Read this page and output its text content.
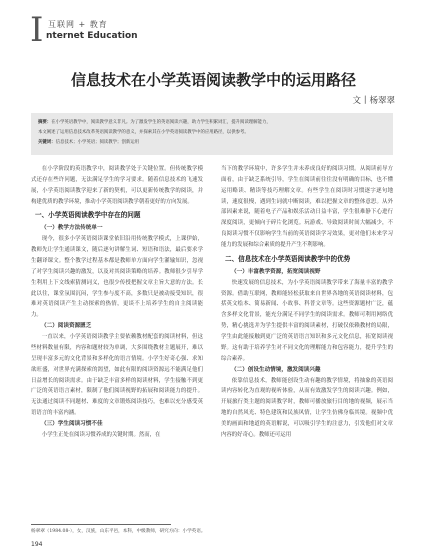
I 互联网 + 教育
nternet Education
信息技术在小学英语阅读教学中的运用路径
文丨杨翠翠

摘要：在小学英语教学中，阅读教学意义非凡。为了激发学生的英语阅读兴趣，助力学生积累词汇，提升阅读理解能力，

本文阐述了运用信息技术改革英语阅读教学的意义，并探索其在小学英语阅读教学中的应用路径，以供参考。

关键词：信息技术；小学英语；阅读教学；创新运用

在小学阶段的英语教学中，阅读教学处于关键位置。但传统教学模式还存在些许问题，无法满足学生的学习要求。随着信息技术的飞速发展，小学英语阅读教学迎来了新的契机，可以更新传统教学的阅读，并构建优质的教学环境，推动小学英语阅读教学朝着更好的方向发展。

一、小学英语阅读教学中存在的问题
（一）教学方法传统单一

现今，很多小学英语阅读课堂依旧沿用传统教学模式，上课伊始，教师先让学生通读课文，随后逐句讲解生词、短语和语法，最后要求学生翻译课文。整个教学过程基本都是教师单方面向学生灌输知识，忽视了对学生阅读兴趣的激发，以及对其阅读策略的培养。教师很少引导学生利用上下文线索猜测词义，也很少传授把握文章主旨大意的方法。长此以往，课堂氛围沉闷，学生参与度不高，多数只是被动接受知识，很难对英语阅读产生主动探索的热情，更谈不上培养学生的自主阅读能力。

（二）阅读资源匮乏

一直以来，小学英语阅读教学主要依赖教材配套的阅读材料，但这些材料数量有限，内容和题材较为单调，大多围绕教材主题展开，难以呈现丰富多元的文化背景和多样化的语言情境。小学生好奇心强、求知欲旺盛，对世界充满探索的渴望，如此有限的阅读资源远不能满足他们日益增长的阅读需求。由于缺乏丰富多样的阅读材料，学生接触不到更广泛的英语语言素材，限制了他们阅读视野的拓展和阅读能力的提升。无法通过阅读不同题材、难度的文章锻炼阅读技巧，也难以充分感受英语语言的丰富内涵。

（三）学生阅读习惯不佳

小学生正处在阅读习惯养成的关键时期。然而，在

当下的教学环境中，许多学生并未养成良好的阅读习惯。从阅读前导方面看，由于缺乏系统引导，学生在阅读前往往没有明确的目标，也不懂运用略读、精读等技巧理解文章。有些学生在阅读时习惯逐字逐句地读，速度很慢，遇到生词就中断阅读，难以把握文章的整体意思。从外部因素来说，随着电子产品和娱乐活动日益丰富，学生很难静下心进行深度阅读，更倾向于碎片化浏览。玩游戏、导致阅读时间大幅减少，不良阅读习惯不仅影响学生当前的英语阅读学习效果，更对他们未来学习能力的发展和综合素质的提升产生不利影响。

二、信息技术在小学英语阅读教学中的优势
（一）丰富教学资源，拓宽阅读视野

快速发展的信息技术，为小学英语阅读教学带来了海量丰富的教学资源。借助互联网，教师能轻松获取来自世界各地的英语阅读材料，包括英文绘本、简易新闻、小故事、科普文章等。这些资源题材广泛，蕴含多样文化背景，能充分满足不同学生的阅读需求。教师可利用网络优势，精心挑选并为学生提供丰富的阅读素材，打破仅依赖教材的局限，学生由此能接触到更广泛的英语语言知识和多元文化信息，拓宽阅读视野。这有助于培养学生对不同文化的理解能力和包容能力，提升学生的综合素养。

（二）创设生动情境，激发阅读兴趣

依靠信息技术，教师能创设生动有趣的教学情境，将抽象的英语阅读内容转化为直观的视听体验，从而有效激发学生的阅读兴趣。例如，开展旅行类主题的阅读教学时，教师可播放旅行目的地的视频，展示当地的自然风光、特色建筑和民族风情，让学生仿佛身临其境。视频中优美的画面和地道的英语解说，可以吸引学生的注意力，引发他们对文章内容的好奇心。教师还可运用

杨翠翠（1984.08-），女，汉族，山东平邑，本科，中级教师，研究方向：小学英语。
194
